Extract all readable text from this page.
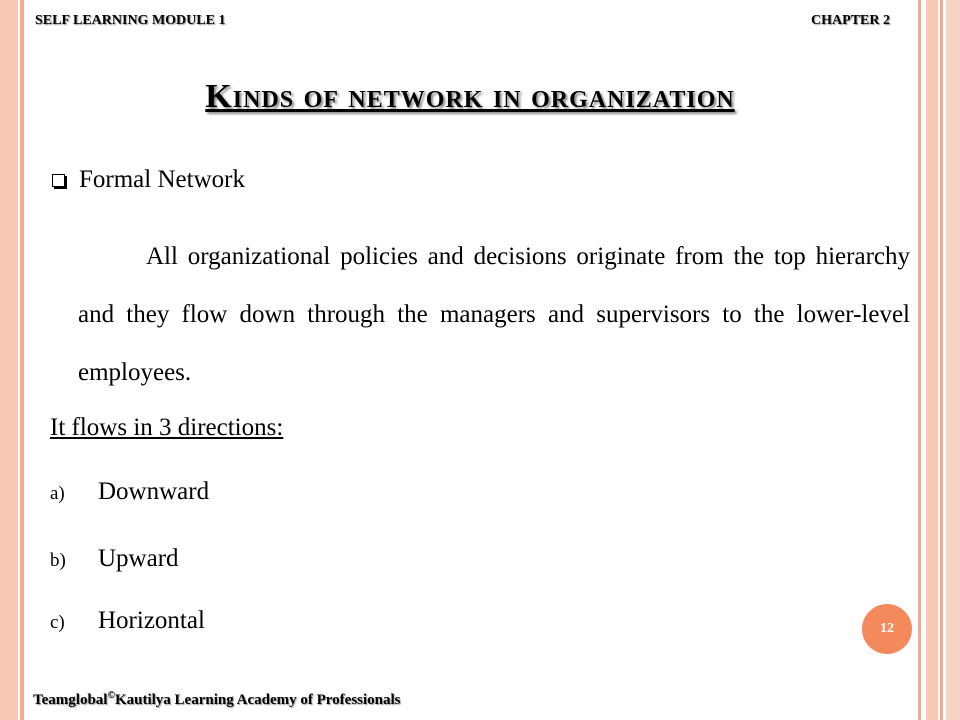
SELF LEARNING MODULE 1	CHAPTER 2
Kinds of network in organization
Formal Network
All organizational policies and decisions originate from the top hierarchy and they flow down through the managers and supervisors to the lower-level employees.
It flows in 3 directions:
a)	Downward
b)	Upward
c)	Horizontal	12
Teamglobal©Kautilya Learning Academy of Professionals
